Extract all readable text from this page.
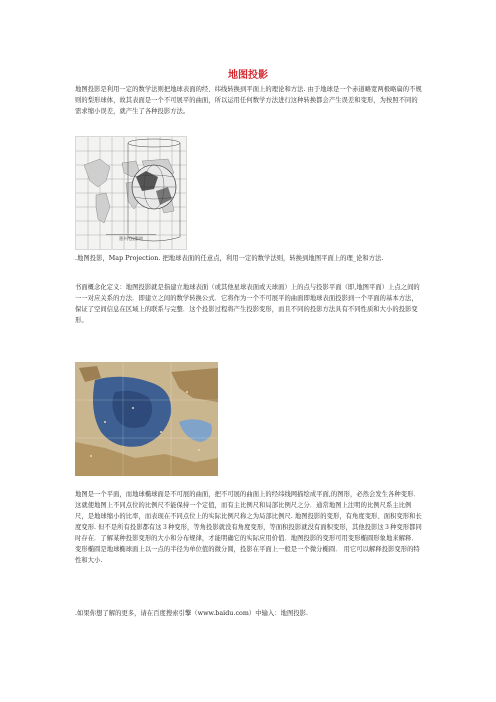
地图投影

地图投影是利用一定的数学法则把地球表面的经、纬线转换到平面上的理论和方法. 由于地球是一个赤道略宽两极略扁的不规则的梨形球体，故其表面是一个不可展平的曲面，所以运用任何数学方法进行这种转换都会产生误差和变形，为按照不同的需求缩小误差，就产生了各种投影方法。

墨卡托投影图

.地图投影，Map Projection. 把地球表面的任意点，利用一定的数学法则，转换到地图平面上的理_论和方法.

书面概念化定义：地图投影就是指建立地球表面（或其他星球表面或天球面）上的点与投影平面（即,地图平面）上点之间的一一对应关系的方法．即建立之间的数学转换公式．它将作为一个不可展平的曲面即地球表面投影到一个平面的基本方法，保证了空间信息在区域上的联系与完整．这个投影过程将产生投影变形，而且不同的投影方法具有不同性质和大小的投影变形。

地图是一个平面，而地球椭球面是不可展的曲面，把不可展的曲面上的经纬线网描绘成平面,的图形，必然会发生各种变形．这就使地图上不同点位的比例尺不能保持一个定值，而有主比例尺和局部比例尺之分．通常地图上注明的比例尺系主比例尺，是地球缩小的比率，而表现在不同点位上的实际比例尺称之为局部比例尺. 地图投影的变形，有角度变形、面积变形和长度变形. 但不是所有投影都有这３种变形，等角投影就没有角度变形，等面积投影就没有面积变形，其他投影这３种变形都同时存在．了解某种投影变形的大小和分布规律，才能明确它的实际应用价值．地图投影的变形可用变形椭圆形象地来解释．变形椭圆是地球椭球面上以一点的半径为单位值的微分圆，投影在平面上一般是一个微分椭圆． 用它可以解释投影变形的特性和大小.

.如果你想了解的更多，请在百度搜索引擎（www.baidu.com）中输入：地图投影.
